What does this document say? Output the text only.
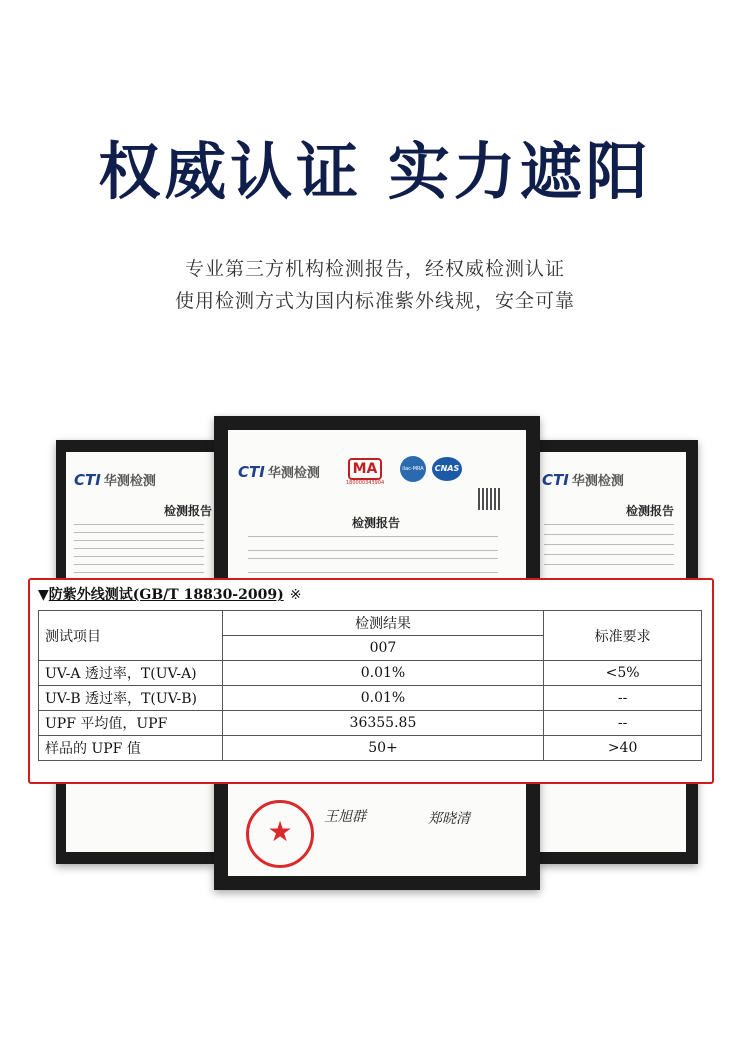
权威认证 实力遮阳
专业第三方机构检测报告，经权威检测认证
使用检测方式为国内标准紫外线规，安全可靠
CTI 华测检测
检测报告
CTI 华测检测
检测报告
CTI 华测检测	MA
180000343904
ilac-MRA	CNAS
检测报告
★	王旭群	郑晓清
▼防紫外线测试(GB/T 18830-2009) ※
测试项目	检测结果	标准要求
	007	
UV-A 透过率，T(UV-A)	0.01%	<5%
UV-B 透过率，T(UV-B)	0.01%	--
UPF 平均值，UPF	36355.85	--
样品的 UPF 值	50+	>40
